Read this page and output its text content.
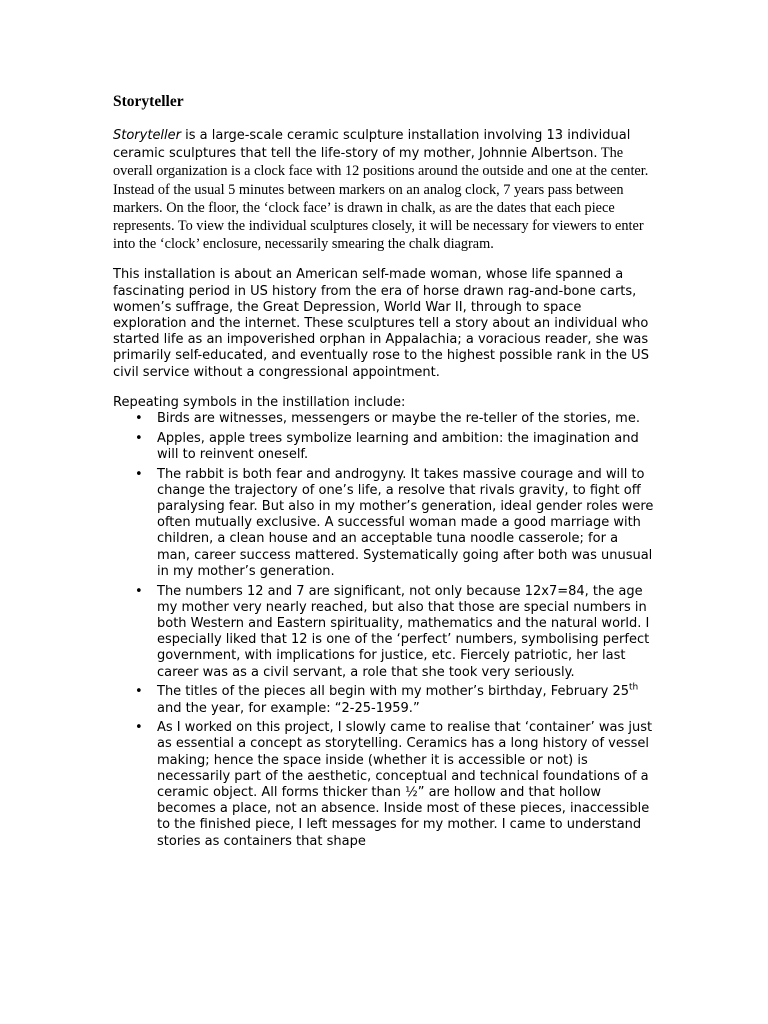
Storyteller
Storyteller is a large-scale ceramic sculpture installation involving 13 individual ceramic sculptures that tell the life-story of my mother, Johnnie Albertson. The overall organization is a clock face with 12 positions around the outside and one at the center. Instead of the usual 5 minutes between markers on an analog clock, 7 years pass between markers. On the floor, the ‘clock face’ is drawn in chalk, as are the dates that each piece represents. To view the individual sculptures closely, it will be necessary for viewers to enter into the ‘clock’ enclosure, necessarily smearing the chalk diagram.
This installation is about an American self-made woman, whose life spanned a fascinating period in US history from the era of horse drawn rag-and-bone carts, women’s suffrage, the Great Depression, World War II, through to space exploration and the internet. These sculptures tell a story about an individual who started life as an impoverished orphan in Appalachia; a voracious reader, she was primarily self-educated, and eventually rose to the highest possible rank in the US civil service without a congressional appointment.
Repeating symbols in the instillation include:
• Birds are witnesses, messengers or maybe the re-teller of the stories, me.
• Apples, apple trees symbolize learning and ambition: the imagination and will to reinvent oneself.
• The rabbit is both fear and androgyny. It takes massive courage and will to change the trajectory of one’s life, a resolve that rivals gravity, to fight off paralysing fear. But also in my mother’s generation, ideal gender roles were often mutually exclusive. A successful woman made a good marriage with children, a clean house and an acceptable tuna noodle casserole; for a man, career success mattered. Systematically going after both was unusual in my mother’s generation.
• The numbers 12 and 7 are significant, not only because 12x7=84, the age my mother very nearly reached, but also that those are special numbers in both Western and Eastern spirituality, mathematics and the natural world. I especially liked that 12 is one of the ‘perfect’ numbers, symbolising perfect government, with implications for justice, etc. Fiercely patriotic, her last career was as a civil servant, a role that she took very seriously.
• The titles of the pieces all begin with my mother’s birthday, February 25th and the year, for example: “2-25-1959.”
• As I worked on this project, I slowly came to realise that ‘container’ was just as essential a concept as storytelling. Ceramics has a long history of vessel making; hence the space inside (whether it is accessible or not) is necessarily part of the aesthetic, conceptual and technical foundations of a ceramic object. All forms thicker than ½” are hollow and that hollow becomes a place, not an absence. Inside most of these pieces, inaccessible to the finished piece, I left messages for my mother. I came to understand stories as containers that shape
